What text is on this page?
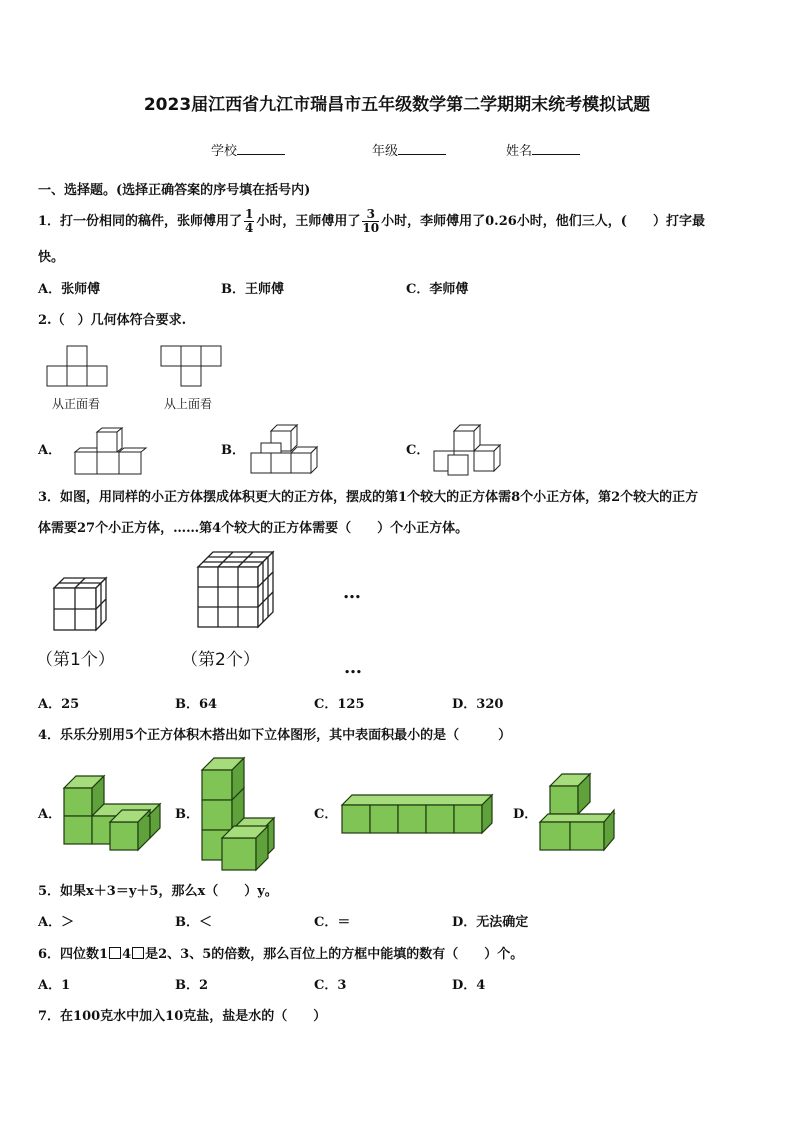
2023届江西省九江市瑞昌市五年级数学第二学期期末统考模拟试题
学校	年级	姓名
一、选择题。(选择正确答案的序号填在括号内)
1．打一份相同的稿件，张师傅用了 $\frac{1}{4}$ 小时，王师傅用了 $\frac{3}{10}$ 小时，李师傅用了0.26小时，他们三人，(　　）打字最
快。
A．张师傅	B．王师傅	C．李师傅
2.（　）几何体符合要求.
从正面看	从上面看
A．	B．	C．
3．如图，用同样的小正方体摆成体积更大的正方体，摆成的第1个较大的正方体需8个小正方体，第2个较大的正方
体需要27个小正方体，……第4个较大的正方体需要（　　）个小正方体。
（第1个）	（第2个）
…
…
A．25	B．64	C．125	D．320
4．乐乐分别用5个正方体积木搭出如下立体图形，其中表面积最小的是（　　　）
A．	B．	C．	D．
5．如果x＋3＝y＋5，那么x（　　）y。
A．＞	B．＜	C．＝	D．无法确定
6．四位数1 4 是2、3、5的倍数，那么百位上的方框中能填的数有（　　）个。
A．1	B．2	C．3	D．4
7．在100克水中加入10克盐，盐是水的（　　）
